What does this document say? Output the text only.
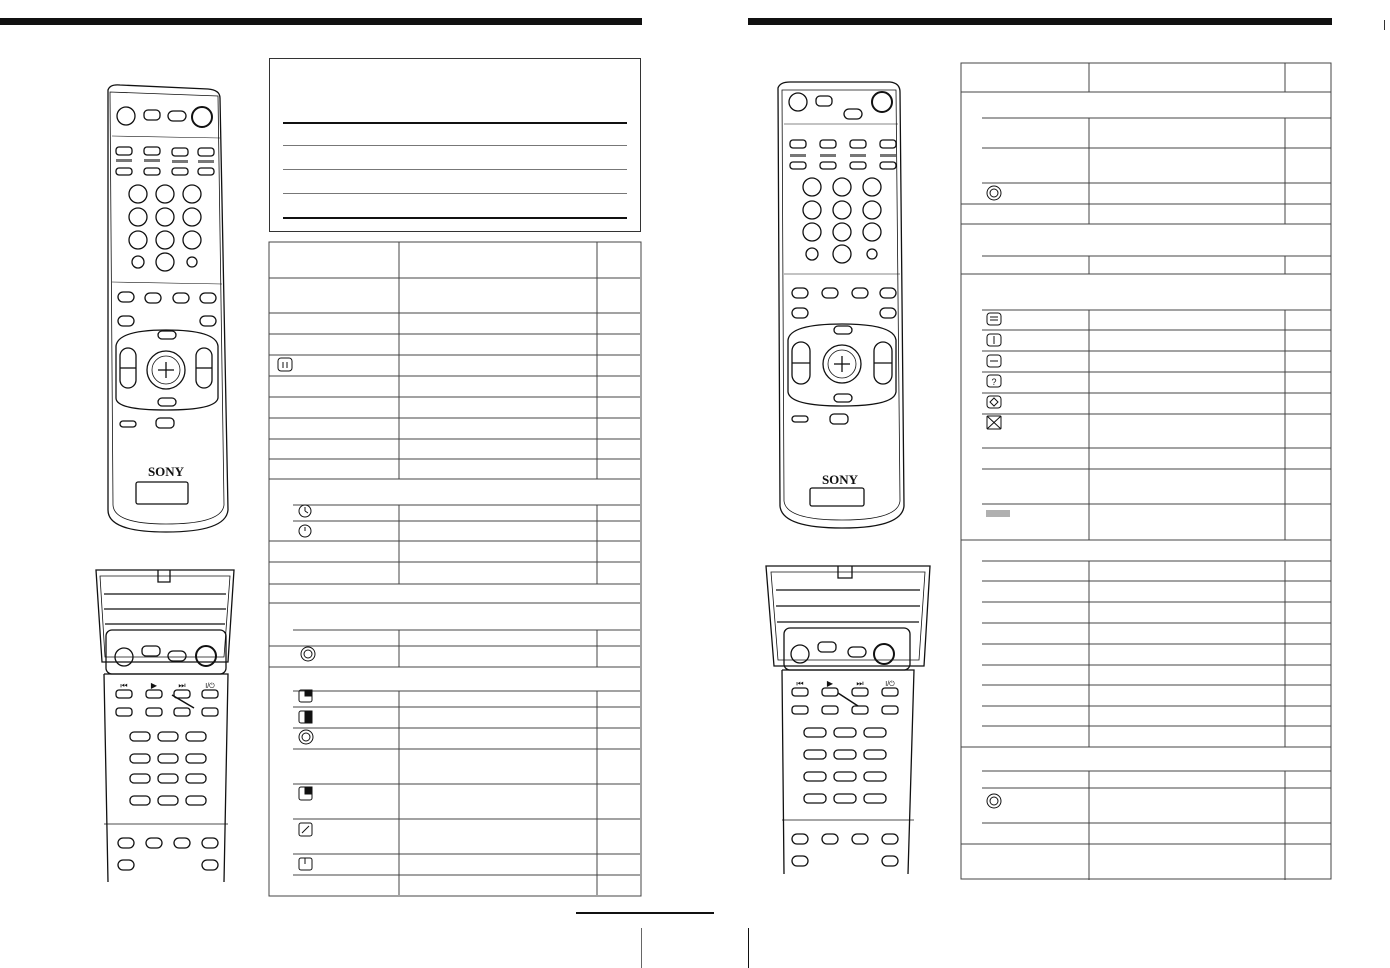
SONY
⏮	▶	⏭	I/⏻
SONY
⏮	▶	⏭	I/⏻
?
